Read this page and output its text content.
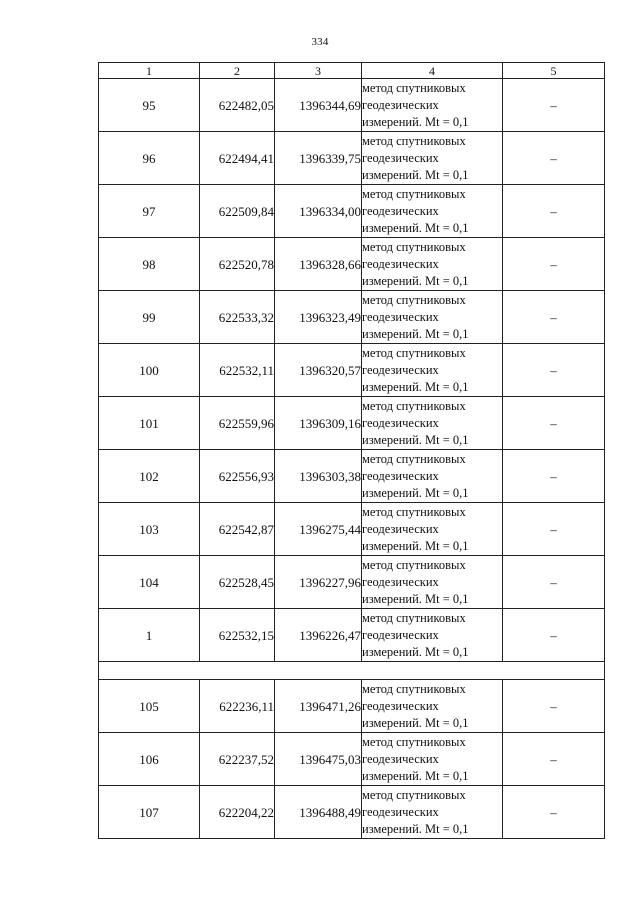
334
1	2	3	4	5
95	622482,05	1396344,69	метод спутниковых
геодезических
измерений. Mt = 0,1	–
96	622494,41	1396339,75	метод спутниковых
геодезических
измерений. Mt = 0,1	–
97	622509,84	1396334,00	метод спутниковых
геодезических
измерений. Mt = 0,1	–
98	622520,78	1396328,66	метод спутниковых
геодезических
измерений. Mt = 0,1	–
99	622533,32	1396323,49	метод спутниковых
геодезических
измерений. Mt = 0,1	–
100	622532,11	1396320,57	метод спутниковых
геодезических
измерений. Mt = 0,1	–
101	622559,96	1396309,16	метод спутниковых
геодезических
измерений. Mt = 0,1	–
102	622556,93	1396303,38	метод спутниковых
геодезических
измерений. Mt = 0,1	–
103	622542,87	1396275,44	метод спутниковых
геодезических
измерений. Mt = 0,1	–
104	622528,45	1396227,96	метод спутниковых
геодезических
измерений. Mt = 0,1	–
1	622532,15	1396226,47	метод спутниковых
геодезических
измерений. Mt = 0,1	–

105	622236,11	1396471,26	метод спутниковых
геодезических
измерений. Mt = 0,1	–
106	622237,52	1396475,03	метод спутниковых
геодезических
измерений. Mt = 0,1	–
107	622204,22	1396488,49	метод спутниковых
геодезических
измерений. Mt = 0,1	–
